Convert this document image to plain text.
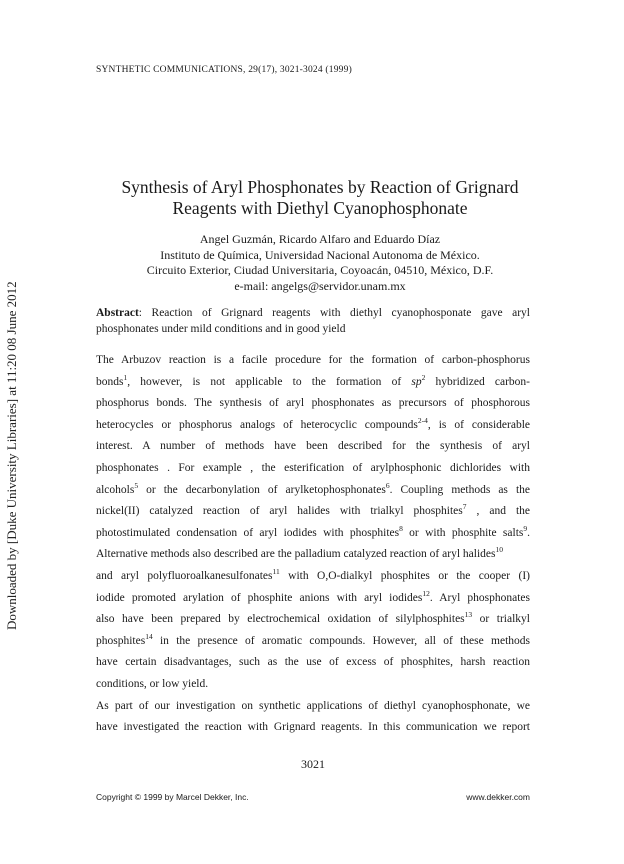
SYNTHETIC COMMUNICATIONS, 29(17), 3021-3024 (1999)
Downloaded by [Duke University Libraries] at 11:20 08 June 2012
Synthesis of Aryl Phosphonates by Reaction of Grignard
Reagents with Diethyl Cyanophosphonate
Angel Guzmán, Ricardo Alfaro and Eduardo Díaz
Instituto de Química, Universidad Nacional Autonoma de México.
Circuito Exterior, Ciudad Universitaria, Coyoacán, 04510, México, D.F.
e-mail: angelgs@servidor.unam.mx
Abstract: Reaction of Grignard reagents with diethyl cyanophosponate gave aryl
phosphonates under mild conditions and in good yield
The Arbuzov reaction is a facile procedure for the formation of carbon-phosphorus
bonds$^1$, however, is not applicable to the formation of $sp^2$ hybridized carbon-
phosphorus bonds. The synthesis of aryl phosphonates as precursors of phosphorous
heterocycles or phosphorus analogs of heterocyclic compounds$^{2-4}$, is of considerable
interest. A number of methods have been described for the synthesis of aryl
phosphonates . For example , the esterification of arylphosphonic dichlorides with
alcohols$^5$ or the decarbonylation of arylketophosphonates$^6$. Coupling methods as the
nickel(II) catalyzed reaction of aryl halides with trialkyl phosphites$^7$ , and the
photostimulated condensation of aryl iodides with phosphites$^8$ or with phosphite salts$^9$.
Alternative methods also described are the palladium catalyzed reaction of aryl halides$^{10}$
and aryl polyfluoroalkanesulfonates$^{11}$ with O,O-dialkyl phosphites or the cooper (I)
iodide promoted arylation of phosphite anions with aryl iodides$^{12}$. Aryl phosphonates
also have been prepared by electrochemical oxidation of silylphosphites$^{13}$ or trialkyl
phosphites$^{14}$ in the presence of aromatic compounds. However, all of these methods
have certain disadvantages, such as the use of excess of phosphites, harsh reaction
conditions, or low yield.
As part of our investigation on synthetic applications of diethyl cyanophosphonate, we
have investigated the reaction with Grignard reagents. In this communication we report
3021
Copyright © 1999 by Marcel Dekker, Inc.	www.dekker.com
